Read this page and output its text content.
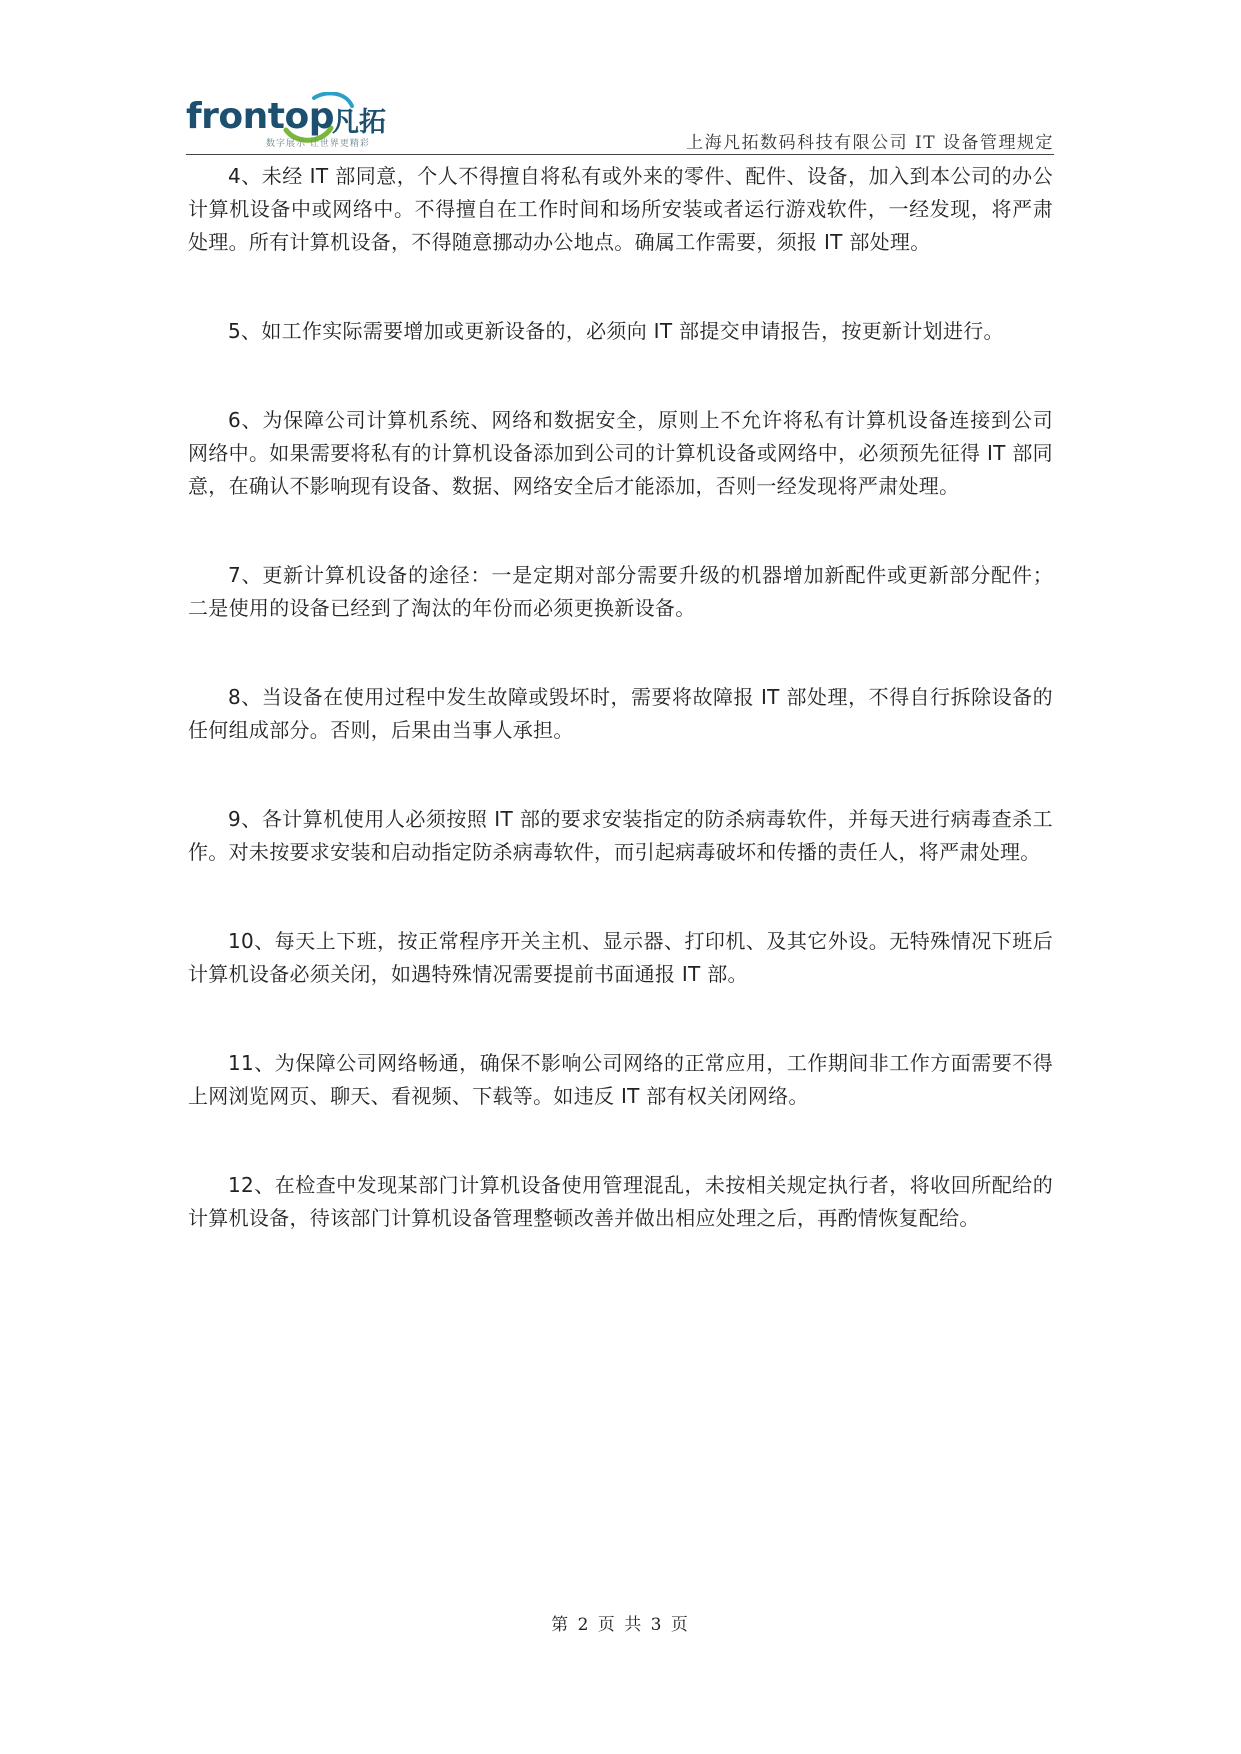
frontop
凡拓
数字展示 让世界更精彩	上海凡拓数码科技有限公司 IT 设备管理规定

4、未经 IT 部同意，个人不得擅自将私有或外来的零件、配件、设备，加入到本公司的办公计算机设备中或网络中。不得擅自在工作时间和场所安装或者运行游戏软件，一经发现，将严肃处理。所有计算机设备，不得随意挪动办公地点。确属工作需要，须报 IT 部处理。

5、如工作实际需要增加或更新设备的，必须向 IT 部提交申请报告，按更新计划进行。

6、为保障公司计算机系统、网络和数据安全，原则上不允许将私有计算机设备连接到公司网络中。如果需要将私有的计算机设备添加到公司的计算机设备或网络中，必须预先征得 IT 部同意，在确认不影响现有设备、数据、网络安全后才能添加，否则一经发现将严肃处理。

7、更新计算机设备的途径：一是定期对部分需要升级的机器增加新配件或更新部分配件；二是使用的设备已经到了淘汰的年份而必须更换新设备。

8、当设备在使用过程中发生故障或毁坏时，需要将故障报 IT 部处理，不得自行拆除设备的任何组成部分。否则，后果由当事人承担。

9、各计算机使用人必须按照 IT 部的要求安装指定的防杀病毒软件，并每天进行病毒查杀工作。对未按要求安装和启动指定防杀病毒软件，而引起病毒破坏和传播的责任人，将严肃处理。

10、每天上下班，按正常程序开关主机、显示器、打印机、及其它外设。无特殊情况下班后计算机设备必须关闭，如遇特殊情况需要提前书面通报 IT 部。

11、为保障公司网络畅通，确保不影响公司网络的正常应用，工作期间非工作方面需要不得上网浏览网页、聊天、看视频、下载等。如违反 IT 部有权关闭网络。

12、在检查中发现某部门计算机设备使用管理混乱，未按相关规定执行者，将收回所配给的计算机设备，待该部门计算机设备管理整顿改善并做出相应处理之后，再酌情恢复配给。

第 2 页 共 3 页
